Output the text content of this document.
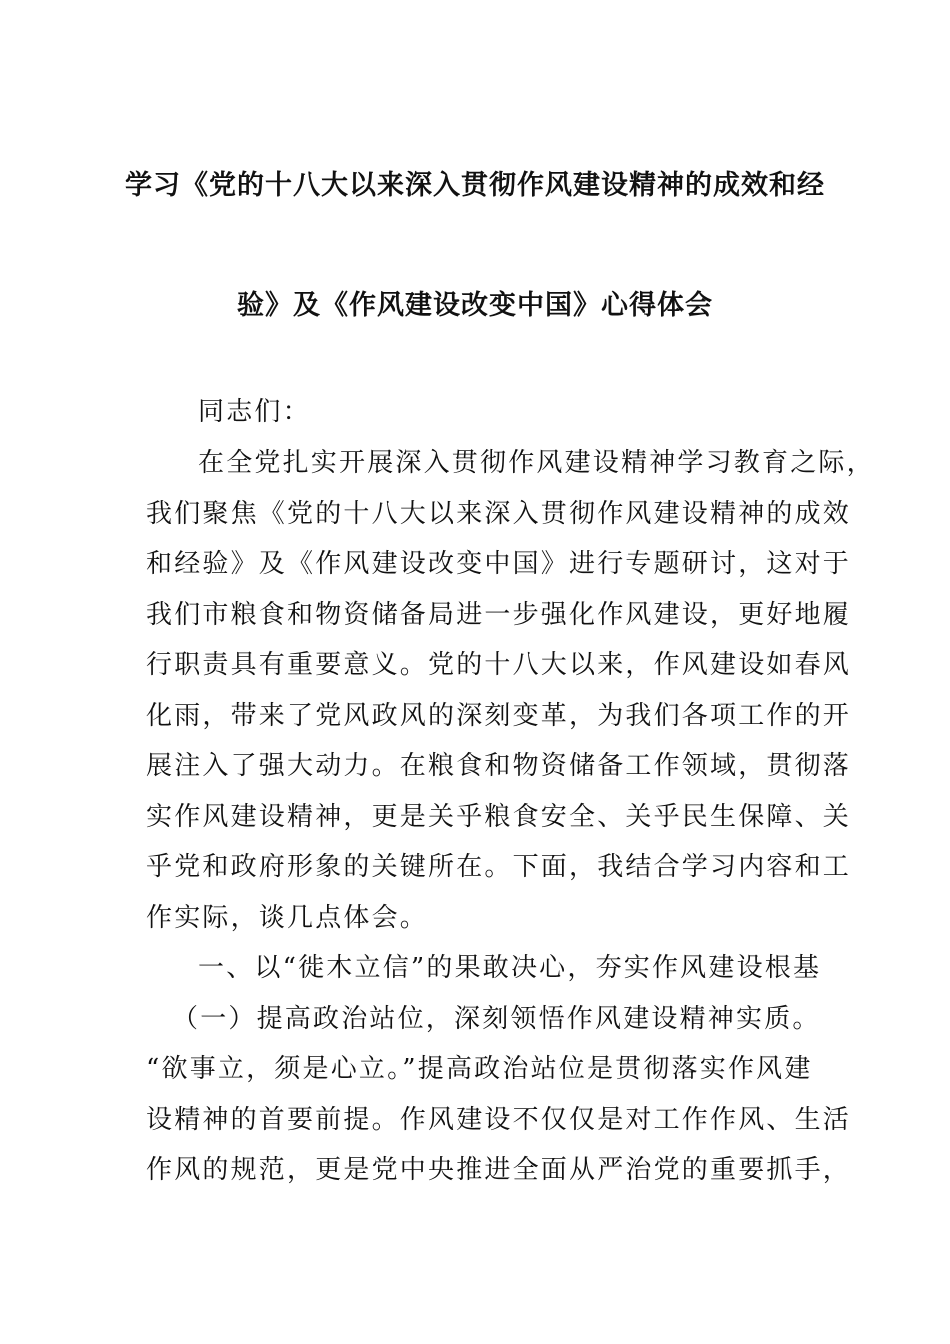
学习《党的十八大以来深入贯彻作风建设精神的成效和经
验》及《作风建设改变中国》心得体会
同志们：
在全党扎实开展深入贯彻作风建设精神学习教育之际，
我们聚焦《党的十八大以来深入贯彻作风建设精神的成效
和经验》及《作风建设改变中国》进行专题研讨，这对于
我们市粮食和物资储备局进一步强化作风建设，更好地履
行职责具有重要意义。党的十八大以来，作风建设如春风
化雨，带来了党风政风的深刻变革，为我们各项工作的开
展注入了强大动力。在粮食和物资储备工作领域，贯彻落
实作风建设精神，更是关乎粮食安全、关乎民生保障、关
乎党和政府形象的关键所在。下面，我结合学习内容和工
作实际，谈几点体会。
一、以“徙木立信”的果敢决心，夯实作风建设根基
（一）提高政治站位，深刻领悟作风建设精神实质。
“欲事立，须是心立。”提高政治站位是贯彻落实作风建
设精神的首要前提。作风建设不仅仅是对工作作风、生活
作风的规范，更是党中央推进全面从严治党的重要抓手，
